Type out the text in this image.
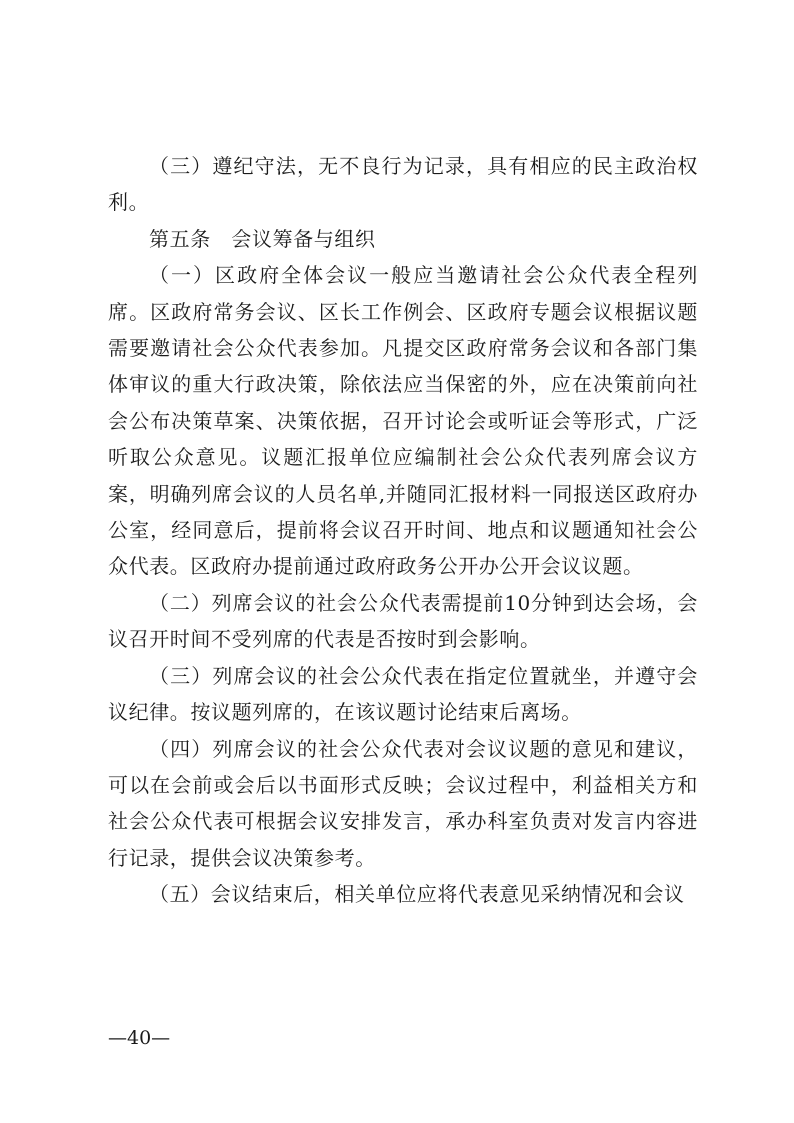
（三）遵纪守法，无不良行为记录，具有相应的民主政治权利。

第五条　会议筹备与组织

（一）区政府全体会议一般应当邀请社会公众代表全程列席。区政府常务会议、区长工作例会、区政府专题会议根据议题需要邀请社会公众代表参加。凡提交区政府常务会议和各部门集体审议的重大行政决策，除依法应当保密的外，应在决策前向社会公布决策草案、决策依据，召开讨论会或听证会等形式，广泛听取公众意见。议题汇报单位应编制社会公众代表列席会议方案，明确列席会议的人员名单,并随同汇报材料一同报送区政府办公室，经同意后，提前将会议召开时间、地点和议题通知社会公众代表。区政府办提前通过政府政务公开办公开会议议题。

（二）列席会议的社会公众代表需提前10分钟到达会场，会议召开时间不受列席的代表是否按时到会影响。

（三）列席会议的社会公众代表在指定位置就坐，并遵守会议纪律。按议题列席的，在该议题讨论结束后离场。

（四）列席会议的社会公众代表对会议议题的意见和建议，可以在会前或会后以书面形式反映；会议过程中，利益相关方和社会公众代表可根据会议安排发言，承办科室负责对发言内容进行记录，提供会议决策参考。

（五）会议结束后，相关单位应将代表意见采纳情况和会议

—40—
